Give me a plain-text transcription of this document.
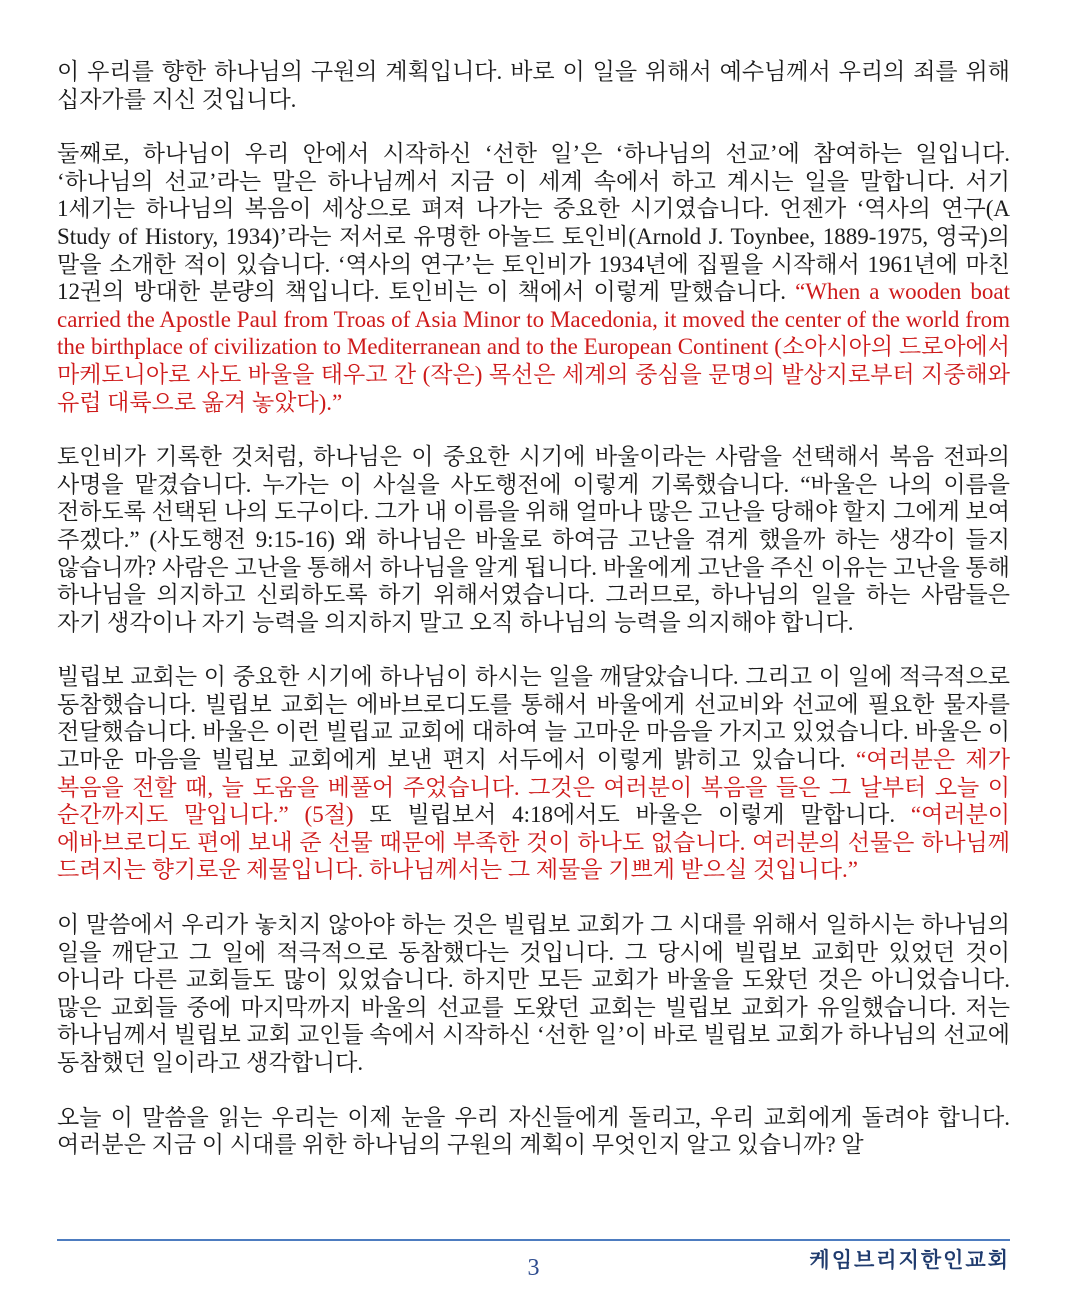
이 우리를 향한 하나님의 구원의 계획입니다. 바로 이 일을 위해서 예수님께서 우리의 죄를 위해 십자가를 지신 것입니다.

둘째로, 하나님이 우리 안에서 시작하신 ‘선한 일’은 ‘하나님의 선교’에 참여하는 일입니다. ‘하나님의 선교’라는 말은 하나님께서 지금 이 세계 속에서 하고 계시는 일을 말합니다. 서기 1세기는 하나님의 복음이 세상으로 펴져 나가는 중요한 시기였습니다. 언젠가 ‘역사의 연구(A Study of History, 1934)’라는 저서로 유명한 아놀드 토인비(Arnold J. Toynbee, 1889-1975, 영국)의 말을 소개한 적이 있습니다. ‘역사의 연구’는 토인비가 1934년에 집필을 시작해서 1961년에 마친 12권의 방대한 분량의 책입니다. 토인비는 이 책에서 이렇게 말했습니다. “When a wooden boat carried the Apostle Paul from Troas of Asia Minor to Macedonia, it moved the center of the world from the birthplace of civilization to Mediterranean and to the European Continent (소아시아의 드로아에서 마케도니아로 사도 바울을 태우고 간 (작은) 목선은 세계의 중심을 문명의 발상지로부터 지중해와 유럽 대륙으로 옮겨 놓았다).”

토인비가 기록한 것처럼, 하나님은 이 중요한 시기에 바울이라는 사람을 선택해서 복음 전파의 사명을 맡겼습니다. 누가는 이 사실을 사도행전에 이렇게 기록했습니다. “바울은 나의 이름을 전하도록 선택된 나의 도구이다. 그가 내 이름을 위해 얼마나 많은 고난을 당해야 할지 그에게 보여 주겠다.” (사도행전 9:15-16) 왜 하나님은 바울로 하여금 고난을 겪게 했을까 하는 생각이 들지 않습니까? 사람은 고난을 통해서 하나님을 알게 됩니다. 바울에게 고난을 주신 이유는 고난을 통해 하나님을 의지하고 신뢰하도록 하기 위해서였습니다. 그러므로, 하나님의 일을 하는 사람들은 자기 생각이나 자기 능력을 의지하지 말고 오직 하나님의 능력을 의지해야 합니다.

빌립보 교회는 이 중요한 시기에 하나님이 하시는 일을 깨달았습니다. 그리고 이 일에 적극적으로 동참했습니다. 빌립보 교회는 에바브로디도를 통해서 바울에게 선교비와 선교에 필요한 물자를 전달했습니다. 바울은 이런 빌립교 교회에 대하여 늘 고마운 마음을 가지고 있었습니다. 바울은 이 고마운 마음을 빌립보 교회에게 보낸 편지 서두에서 이렇게 밝히고 있습니다. “여러분은 제가 복음을 전할 때, 늘 도움을 베풀어 주었습니다. 그것은 여러분이 복음을 들은 그 날부터 오늘 이 순간까지도 말입니다.” (5절) 또 빌립보서 4:18에서도 바울은 이렇게 말합니다. “여러분이 에바브로디도 편에 보내 준 선물 때문에 부족한 것이 하나도 없습니다. 여러분의 선물은 하나님께 드려지는 향기로운 제물입니다. 하나님께서는 그 제물을 기쁘게 받으실 것입니다.”

이 말씀에서 우리가 놓치지 않아야 하는 것은 빌립보 교회가 그 시대를 위해서 일하시는 하나님의 일을 깨닫고 그 일에 적극적으로 동참했다는 것입니다. 그 당시에 빌립보 교회만 있었던 것이 아니라 다른 교회들도 많이 있었습니다. 하지만 모든 교회가 바울을 도왔던 것은 아니었습니다. 많은 교회들 중에 마지막까지 바울의 선교를 도왔던 교회는 빌립보 교회가 유일했습니다. 저는 하나님께서 빌립보 교회 교인들 속에서 시작하신 ‘선한 일’이 바로 빌립보 교회가 하나님의 선교에 동참했던 일이라고 생각합니다.

오늘 이 말씀을 읽는 우리는 이제 눈을 우리 자신들에게 돌리고, 우리 교회에게 돌려야 합니다. 여러분은 지금 이 시대를 위한 하나님의 구원의 계획이 무엇인지 알고 있습니까? 알

케임브리지한인교회
3
